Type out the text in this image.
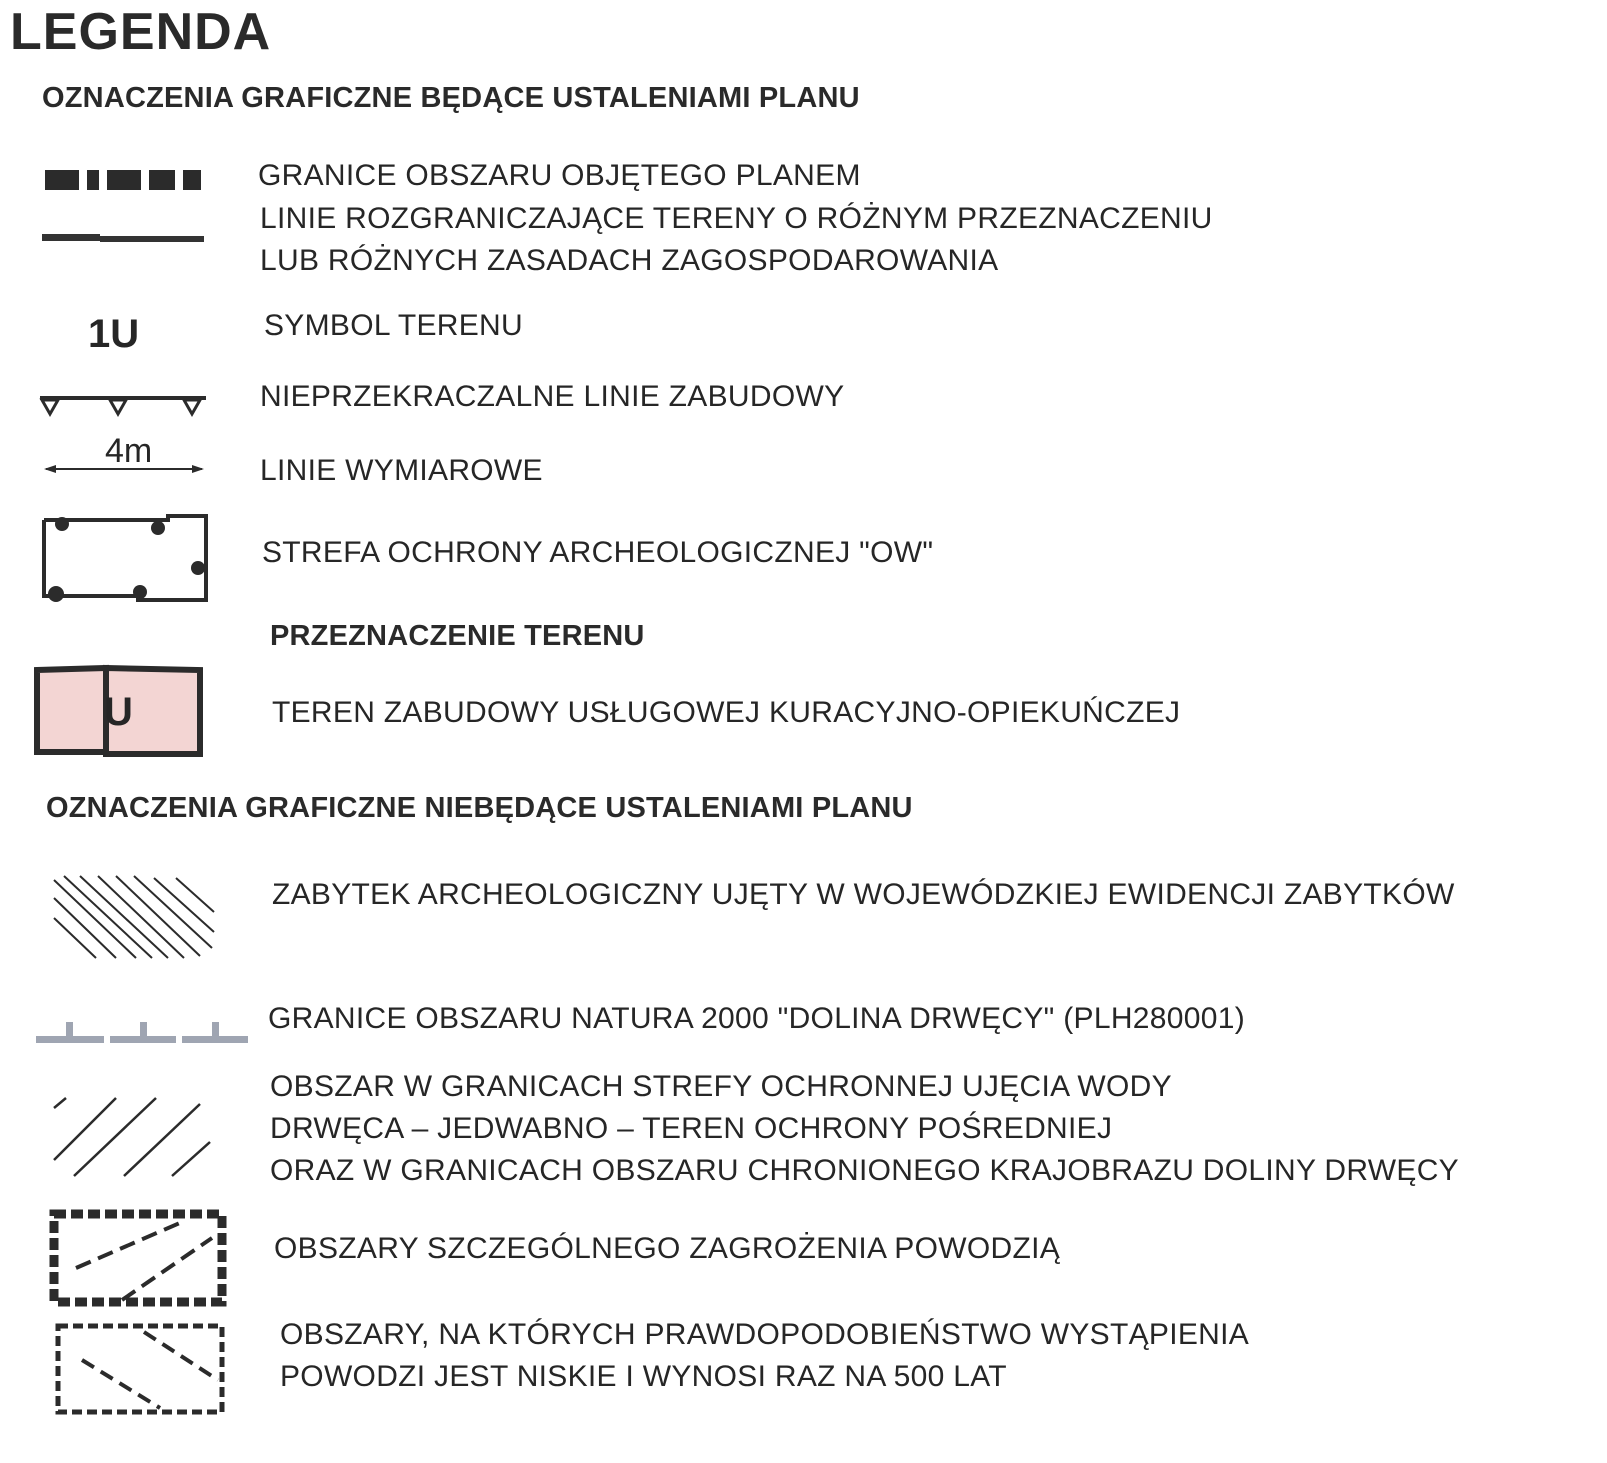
LEGENDA
OZNACZENIA GRAFICZNE BĘDĄCE USTALENIAMI PLANU
GRANICE OBSZARU OBJĘTEGO PLANEM
LINIE ROZGRANICZAJĄCE TERENY O RÓŻNYM PRZEZNACZENIU
LUB RÓŻNYCH ZASADACH ZAGOSPODAROWANIA
1U	SYMBOL TERENU
NIEPRZEKRACZALNE LINIE ZABUDOWY
4m
LINIE WYMIAROWE
STREFA OCHRONY ARCHEOLOGICZNEJ "OW"
PRZEZNACZENIE TERENU
U	TEREN ZABUDOWY USŁUGOWEJ KURACYJNO-OPIEKUŃCZEJ
OZNACZENIA GRAFICZNE NIEBĘDĄCE USTALENIAMI PLANU
ZABYTEK ARCHEOLOGICZNY UJĘTY W WOJEWÓDZKIEJ EWIDENCJI ZABYTKÓW
GRANICE OBSZARU NATURA 2000 "DOLINA DRWĘCY" (PLH280001)
OBSZAR W GRANICACH STREFY OCHRONNEJ UJĘCIA WODY
DRWĘCA – JEDWABNO – TEREN OCHRONY POŚREDNIEJ
ORAZ W GRANICACH OBSZARU CHRONIONEGO KRAJOBRAZU DOLINY DRWĘCY
OBSZARY SZCZEGÓLNEGO ZAGROŻENIA POWODZIĄ
OBSZARY, NA KTÓRYCH PRAWDOPODOBIEŃSTWO WYSTĄPIENIA
POWODZI JEST NISKIE I WYNOSI RAZ NA 500 LAT
